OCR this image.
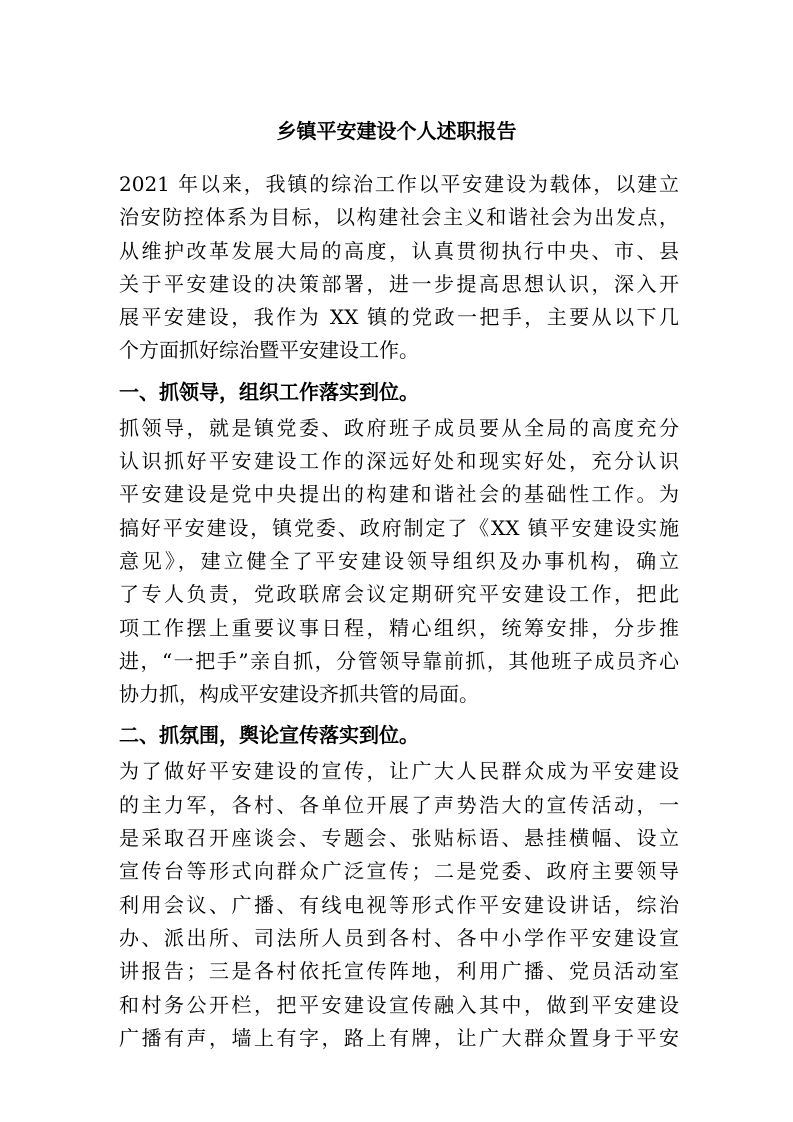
乡镇平安建设个人述职报告

2021 年以来，我镇的综治工作以平安建设为载体，以建立
治安防控体系为目标，以构建社会主义和谐社会为出发点，
从维护改革发展大局的高度，认真贯彻执行中央、市、县
关于平安建设的决策部署，进一步提高思想认识，深入开
展平安建设，我作为 XX 镇的党政一把手，主要从以下几
个方面抓好综治暨平安建设工作。

一、抓领导，组织工作落实到位。

抓领导，就是镇党委、政府班子成员要从全局的高度充分
认识抓好平安建设工作的深远好处和现实好处，充分认识
平安建设是党中央提出的构建和谐社会的基础性工作。为
搞好平安建设，镇党委、政府制定了《XX 镇平安建设实施
意见》，建立健全了平安建设领导组织及办事机构，确立
了专人负责，党政联席会议定期研究平安建设工作，把此
项工作摆上重要议事日程，精心组织，统筹安排，分步推
进，“一把手”亲自抓，分管领导靠前抓，其他班子成员齐心
协力抓，构成平安建设齐抓共管的局面。

二、抓氛围，舆论宣传落实到位。

为了做好平安建设的宣传，让广大人民群众成为平安建设
的主力军，各村、各单位开展了声势浩大的宣传活动，一
是采取召开座谈会、专题会、张贴标语、悬挂横幅、设立
宣传台等形式向群众广泛宣传；二是党委、政府主要领导
利用会议、广播、有线电视等形式作平安建设讲话，综治
办、派出所、司法所人员到各村、各中小学作平安建设宣
讲报告；三是各村依托宣传阵地，利用广播、党员活动室
和村务公开栏，把平安建设宣传融入其中，做到平安建设
广播有声，墙上有字，路上有牌，让广大群众置身于平安
